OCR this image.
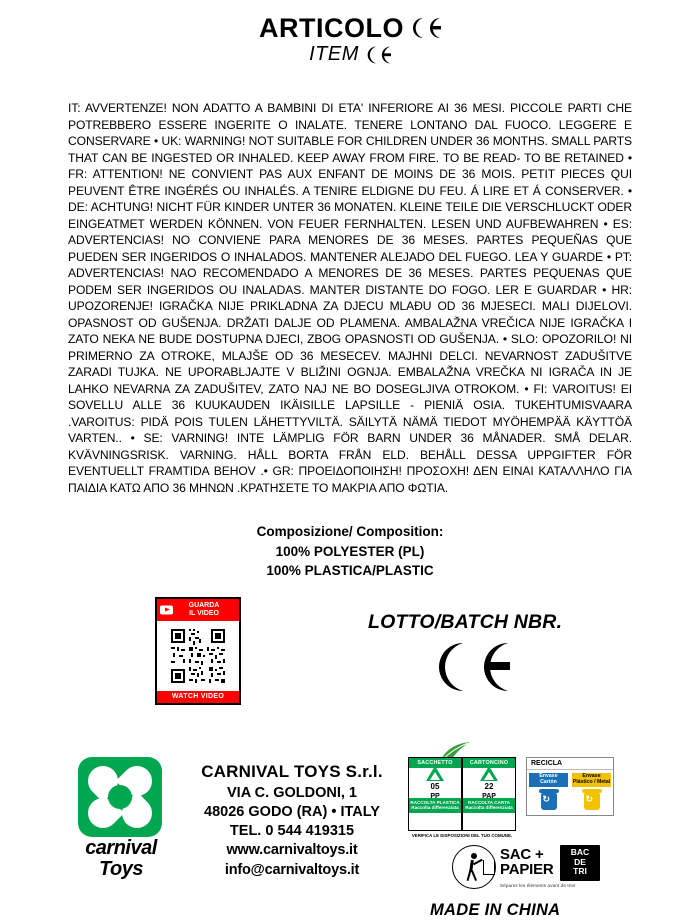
ARTICOLO
ITEM
IT: AVVERTENZE! NON ADATTO A BAMBINI DI ETA' INFERIORE AI 36 MESI. PICCOLE PARTI CHE POTREBBERO ESSERE INGERITE O INALATE. TENERE LONTANO DAL FUOCO. LEGGERE E CONSERVARE • UK: WARNING! NOT SUITABLE FOR CHILDREN UNDER 36 MONTHS. SMALL PARTS THAT CAN BE INGESTED OR INHALED. KEEP AWAY FROM FIRE. TO BE READ- TO BE RETAINED • FR: ATTENTION! NE CONVIENT PAS AUX ENFANT DE MOINS DE 36 MOIS. PETIT PIECES QUI PEUVENT ÊTRE INGÉRÉS OU INHALÉS. A TENIRE ELDIGNE DU FEU. Á LIRE ET Á CONSERVER. • DE: ACHTUNG! NICHT FÜR KINDER UNTER 36 MONATEN. KLEINE TEILE DIE VERSCHLUCKT ODER EINGEATMET WERDEN KÖNNEN. VON FEUER FERNHALTEN. LESEN UND AUFBEWAHREN • ES: ADVERTENCIAS! NO CONVIENE PARA MENORES DE 36 MESES. PARTES PEQUEÑAS QUE PUEDEN SER INGERIDOS O INHALADOS. MANTENER ALEJADO DEL FUEGO. LEA Y GUARDE • PT: ADVERTENCIAS! NAO RECOMENDADO A MENORES DE 36 MESES. PARTES PEQUENAS QUE PODEM SER INGERIDOS OU INALADAS. MANTER DISTANTE DO FOGO. LER E GUARDAR • HR: UPOZORENJE! IGRAČKA NIJE PRIKLADNA ZA DJECU MLAĐU OD 36 MJESECI. MALI DIJELOVI. OPASNOST OD GUŠENJA. DRŽATI DALJE OD PLAMENA. AMBALAŽNA VREČICA NIJE IGRAČKA I ZATO NEKA NE BUDE DOSTUPNA DJECI, ZBOG OPASNOSTI OD GUŠENJA. • SLO: OPOZORILO! NI PRIMERNO ZA OTROKE, MLAJŠE OD 36 MESECEV. MAJHNI DELCI. NEVARNOST ZADUŠITVE ZARADI TUJKA. NE UPORABLJAJTE V BLIŽINI OGNJA. EMBALAŽNA VREČKA NI IGRAČA IN JE LAHKO NEVARNA ZA ZADUŠITEV, ZATO NAJ NE BO DOSEGLJIVA OTROKOM. • FI: VAROITUS! EI SOVELLU ALLE 36 KUUKAUDEN IKÄISILLE LAPSILLE - PIENIÄ OSIA. TUKEHTUMISVAARA .VAROITUS: PIDÄ POIS TULEN LÄHETTYVILTÄ. SÄILYTÄ NÄMÄ TIEDOT MYÖHEMPÄÄ KÄYTTÖÄ VARTEN.. • SE: VARNING! INTE LÄMPLIG FÖR BARN UNDER 36 MÅNADER. SMÅ DELAR. KVÄVNINGSRISK. VARNING. HÅLL BORTA FRÅN ELD. BEHÅLL DESSA UPPGIFTER FÖR EVENTUELLT FRAMTIDA BEHOV .• GR: ΠΡΟΕΙΔΟΠΟΙΗΣΗ! ΠΡΟΣΟΧΗ! ΔΕΝ ΕΙΝΑΙ ΚΑΤΑΛΛΗΛΟ ΓΙΑ ΠΑΙΔΙΑ ΚΑΤΩ ΑΠΟ 36 ΜΗΝΩΝ .ΚΡΑΤΗΣΕΤΕ ΤΟ ΜΑΚΡΙΑ ΑΠΟ ΦΩΤΙΑ.
Composizione/ Composition:
100% POLYESTER (PL)
100% PLASTICA/PLASTIC
GUARDA
IL VIDEO
WATCH VIDEO
LOTTO/BATCH NBR.
carnival
Toys
CARNIVAL TOYS S.r.l.
VIA C. GOLDONI, 1
48026 GODO (RA) • ITALY
TEL. 0 544 419315
www.carnivaltoys.it
info@carnivaltoys.it
SACCHETTO
05
PP
RACCOLTA PLASTICA
Raccolta differenziata
CARTONCINO
22
PAP
RACCOLTA CARTA
Raccolta differenziata
VERIFICA LE DISPOSIZIONI DEL TUO COMUNE.
RECICLA
Envase
Cartón
↻
Envase
Plástico / Metal
↻
SAC +
PAPIER
BAC
DE
TRI
Séparez les éléments avant de trier
MADE IN CHINA
